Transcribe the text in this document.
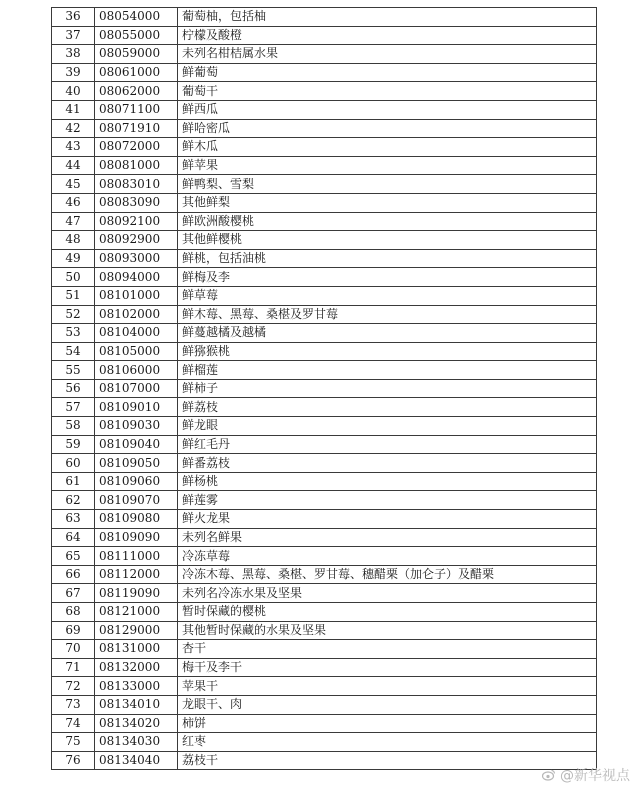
36	08054000	葡萄柚，包括柚
37	08055000	柠檬及酸橙
38	08059000	未列名柑桔属水果
39	08061000	鲜葡萄
40	08062000	葡萄干
41	08071100	鲜西瓜
42	08071910	鲜哈密瓜
43	08072000	鲜木瓜
44	08081000	鲜苹果
45	08083010	鲜鸭梨、雪梨
46	08083090	其他鲜梨
47	08092100	鲜欧洲酸樱桃
48	08092900	其他鲜樱桃
49	08093000	鲜桃，包括油桃
50	08094000	鲜梅及李
51	08101000	鲜草莓
52	08102000	鲜木莓、黑莓、桑椹及罗甘莓
53	08104000	鲜蔓越橘及越橘
54	08105000	鲜猕猴桃
55	08106000	鲜榴莲
56	08107000	鲜柿子
57	08109010	鲜荔枝
58	08109030	鲜龙眼
59	08109040	鲜红毛丹
60	08109050	鲜番荔枝
61	08109060	鲜杨桃
62	08109070	鲜莲雾
63	08109080	鲜火龙果
64	08109090	未列名鲜果
65	08111000	冷冻草莓
66	08112000	冷冻木莓、黑莓、桑椹、罗甘莓、穗醋栗（加仑子）及醋栗
67	08119090	未列名冷冻水果及坚果
68	08121000	暂时保藏的樱桃
69	08129000	其他暂时保藏的水果及坚果
70	08131000	杏干
71	08132000	梅干及李干
72	08133000	苹果干
73	08134010	龙眼干、肉
74	08134020	柿饼
75	08134030	红枣
76	08134040	荔枝干
@新华视点
